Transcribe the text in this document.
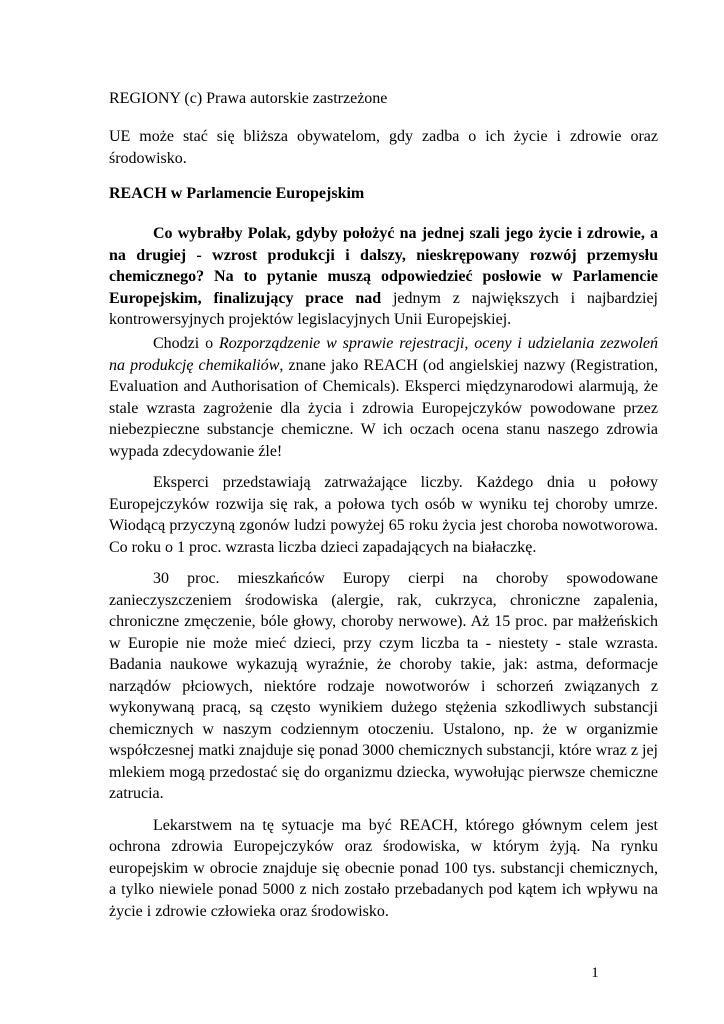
REGIONY (c) Prawa autorskie zastrzeżone

UE może stać się bliższa obywatelom, gdy zadba o ich życie i zdrowie oraz środowisko.

REACH w Parlamencie Europejskim

Co wybrałby Polak, gdyby położyć na jednej szali jego życie i zdrowie, a na drugiej - wzrost produkcji i dalszy, nieskrępowany rozwój przemysłu chemicznego? Na to pytanie muszą odpowiedzieć posłowie w Parlamencie Europejskim, finalizujący prace nad jednym z największych i najbardziej kontrowersyjnych projektów legislacyjnych Unii Europejskiej.

Chodzi o Rozporządzenie w sprawie rejestracji, oceny i udzielania zezwoleń na produkcję chemikaliów, znane jako REACH (od angielskiej nazwy (Registration, Evaluation and Authorisation of Chemicals). Eksperci międzynarodowi alarmują, że stale wzrasta zagrożenie dla życia i zdrowia Europejczyków powodowane przez niebezpieczne substancje chemiczne. W ich oczach ocena stanu naszego zdrowia wypada zdecydowanie źle!

Eksperci przedstawiają zatrważające liczby. Każdego dnia u połowy Europejczyków rozwija się rak, a połowa tych osób w wyniku tej choroby umrze. Wiodącą przyczyną zgonów ludzi powyżej 65 roku życia jest choroba nowotworowa. Co roku o 1 proc. wzrasta liczba dzieci zapadających na białaczkę.

30 proc. mieszkańców Europy cierpi na choroby spowodowane zanieczyszczeniem środowiska (alergie, rak, cukrzyca, chroniczne zapalenia, chroniczne zmęczenie, bóle głowy, choroby nerwowe). Aż 15 proc. par małżeńskich w Europie nie może mieć dzieci, przy czym liczba ta - niestety - stale wzrasta. Badania naukowe wykazują wyraźnie, że choroby takie, jak: astma, deformacje narządów płciowych, niektóre rodzaje nowotworów i schorzeń związanych z wykonywaną pracą, są często wynikiem dużego stężenia szkodliwych substancji chemicznych w naszym codziennym otoczeniu. Ustalono, np. że w organizmie współczesnej matki znajduje się ponad 3000 chemicznych substancji, które wraz z jej mlekiem mogą przedostać się do organizmu dziecka, wywołując pierwsze chemiczne zatrucia.

Lekarstwem na tę sytuacje ma być REACH, którego głównym celem jest ochrona zdrowia Europejczyków oraz środowiska, w którym żyją. Na rynku europejskim w obrocie znajduje się obecnie ponad 100 tys. substancji chemicznych, a tylko niewiele ponad 5000 z nich zostało przebadanych pod kątem ich wpływu na życie i zdrowie człowieka oraz środowisko.

1
